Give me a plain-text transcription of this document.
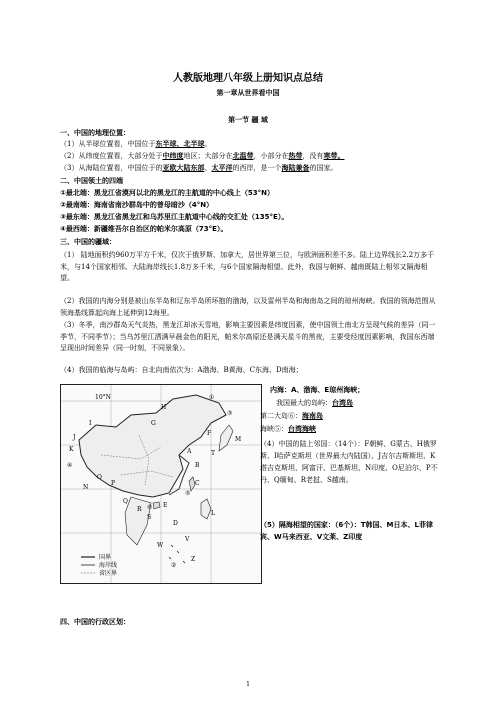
人教版地理八年级上册知识点总结
第一章从世界看中国
第一节 疆 域
一、中国的地理位置：
（1）从半球位置看，中国位于东半球、北半球。
（2）从纬度位置看，大部分处于中纬度地区；大部分在北温带，小部分在热带，没有寒带。
（3）从海陆位置看，中国位于的亚欧大陆东部、太平洋的西岸，是一个海陆兼备的国家。
二、中国领土的四端
①最北端：黑龙江省漠河以北的黑龙江的主航道的中心线上（53°N）
②最南端：海南省南沙群岛中的曾母暗沙（4°N）
③最东端：黑龙江省黑龙江和乌苏里江主航道中心线的交汇处（135°E）。
④最西端：新疆维吾尔自治区的帕米尔高原（73°E）。
三、中国的疆域：
（1） 陆地面积约960万平方千米，仅次于俄罗斯、加拿大，居世界第三位，与欧洲面积差不多。陆上边界线长2.2万多千米，与14个国家相邻。大陆海岸线长1.8万多千米，与6个国家隔海相望。此外，我国与朝鲜、越南既陆上相邻又隔海相望。
（2）我国的内海分别是被山东半岛和辽东半岛所环抱的渤海，以及雷州半岛和海南岛之间的琼州海峡。我国的领海范围从领海基线算起向海上延伸到12海里。
（3）冬季，南沙群岛天气炎热，黑龙江却冰天雪地，影响主要因素是纬度因素，使中国领土南北方呈现气候的差异（同一季节，不同季节）；当乌苏里江洒满早晨金色的阳光，帕米尔高原还是满天星斗的黑夜，主要受经度因素影响，我国东西端呈现出时间差异（同一时刻，不同景象）。
（4）我国的临海与岛屿：自北向南依次为：A渤海、B黄海、C东海、D南海；
10°N
国界
海岸线
省区界
A
B
C
D
E
F
G
H
I
J
K
L
M
N
O
P
Q
R
S
T
V
W
Z
①
②
③
④
⑤
⑥
内海：A、渤海、E琼州海峡；
我国最大的岛屿：台湾岛
第二大岛⑥：海南岛
海峡⑤：台湾海峡
（4）中国的陆上邻国：（14个）：F朝鲜、G蒙古、H俄罗斯、I哈萨克斯坦（世界最大内陆国）、J吉尔吉斯斯坦、K塔吉克斯坦、阿富汗、巴基斯坦、N印度、O尼泊尔、P不丹、Q缅甸、R老挝、S越南。
（5）隔海相望的国家：（6个）：T韩国、M日本、L菲律宾、W马来西亚、V文莱、Z印度
四、中国的行政区划：
1
